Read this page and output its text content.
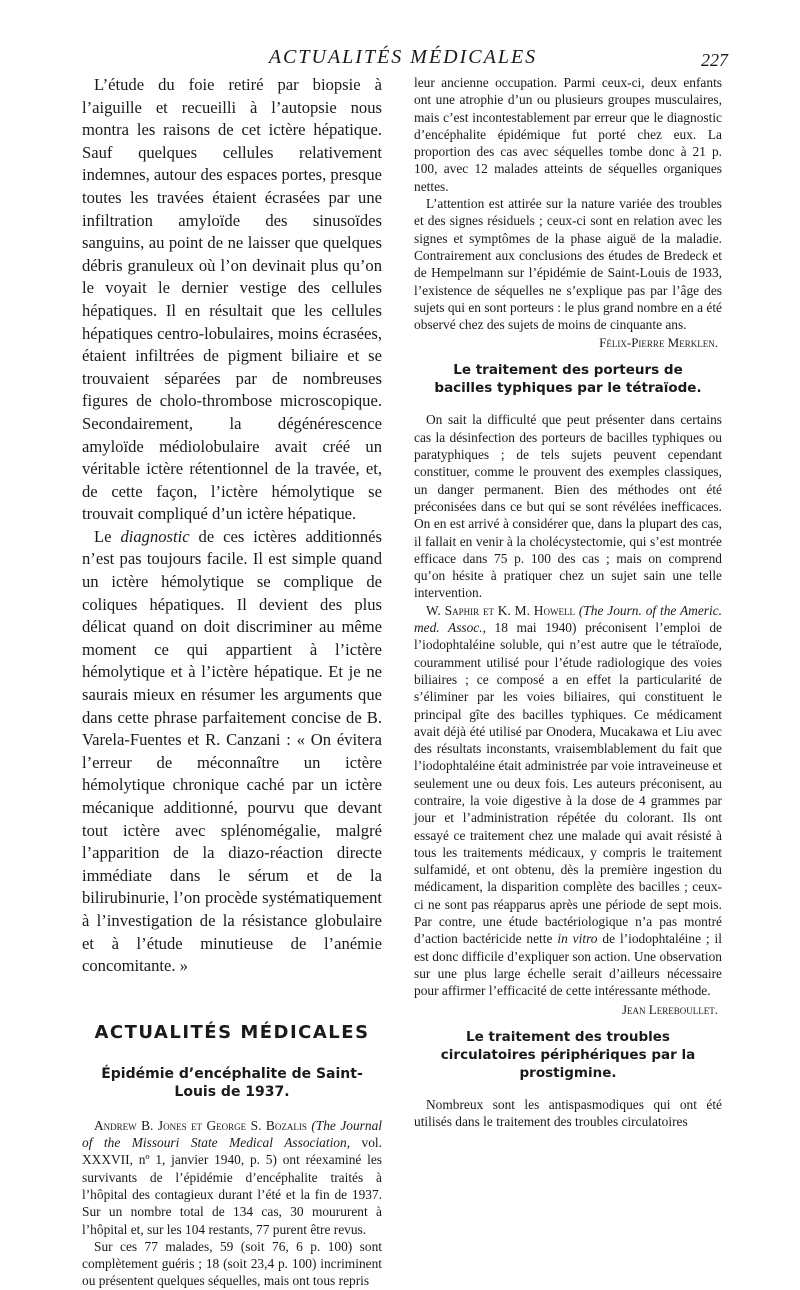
ACTUALITÉS MÉDICALES	227

L’étude du foie retiré par biopsie à l’aiguille et recueilli à l’autopsie nous montra les raisons de cet ictère hépatique. Sauf quelques cellules relativement indemnes, autour des espaces portes, presque toutes les travées étaient écrasées par une infiltration amyloïde des sinusoïdes sanguins, au point de ne laisser que quelques débris granuleux où l’on devinait plus qu’on le voyait le dernier vestige des cellules hépatiques. Il en résultait que les cellules hépatiques centro-lobulaires, moins écrasées, étaient infiltrées de pigment biliaire et se trouvaient séparées par de nombreuses figures de cholo-thrombose microscopique. Secondairement, la dégénérescence amyloïde médiolobulaire avait créé un véritable ictère rétentionnel de la travée, et, de cette façon, l’ictère hémolytique se trouvait compliqué d’un ictère hépatique.

Le diagnostic de ces ictères additionnés n’est pas toujours facile. Il est simple quand un ictère hémolytique se complique de coliques hépatiques. Il devient des plus délicat quand on doit discriminer au même moment ce qui appartient à l’ictère hémolytique et à l’ictère hépatique. Et je ne saurais mieux en résumer les arguments que dans cette phrase parfaitement concise de B. Varela-Fuentes et R. Canzani : « On évitera l’erreur de méconnaître un ictère hémolytique chronique caché par un ictère mécanique additionné, pourvu que devant tout ictère avec splénomégalie, malgré l’apparition de la diazo-réaction directe immédiate dans le sérum et de la bilirubinurie, l’on procède systématiquement à l’investigation de la résistance globulaire et à l’étude minutieuse de l’anémie concomitante. »

ACTUALITÉS MÉDICALES
Épidémie d’encéphalite de Saint-Louis de 1937.

Andrew B. Jones et George S. Bozalis (The Journal of the Missouri State Medical Association, vol. XXXVII, nº 1, janvier 1940, p. 5) ont réexaminé les survivants de l’épidémie d’encéphalite traités à l’hôpital des contagieux durant l’été et la fin de 1937. Sur un nombre total de 134 cas, 30 moururent à l’hôpital et, sur les 104 restants, 77 purent être revus.

Sur ces 77 malades, 59 (soit 76, 6 p. 100) sont complètement guéris ; 18 (soit 23,4 p. 100) incriminent ou présentent quelques séquelles, mais ont tous repris

leur ancienne occupation. Parmi ceux-ci, deux enfants ont une atrophie d’un ou plusieurs groupes musculaires, mais c’est incontestablement par erreur que le diagnostic d’encéphalite épidémique fut porté chez eux. La proportion des cas avec séquelles tombe donc à 21 p. 100, avec 12 malades atteints de séquelles organiques nettes.

L’attention est attirée sur la nature variée des troubles et des signes résiduels ; ceux-ci sont en relation avec les signes et symptômes de la phase aiguë de la maladie. Contrairement aux conclusions des études de Bredeck et de Hempelmann sur l’épidémie de Saint-Louis de 1933, l’existence de séquelles ne s’explique pas par l’âge des sujets qui en sont porteurs : le plus grand nombre en a été observé chez des sujets de moins de cinquante ans.

Félix-Pierre Merklen.
Le traitement des porteurs de bacilles typhiques par le tétraïode.

On sait la difficulté que peut présenter dans certains cas la désinfection des porteurs de bacilles typhiques ou paratyphiques ; de tels sujets peuvent cependant constituer, comme le prouvent des exemples classiques, un danger permanent. Bien des méthodes ont été préconisées dans ce but qui se sont révélées inefficaces. On en est arrivé à considérer que, dans la plupart des cas, il fallait en venir à la cholécystectomie, qui s’est montrée efficace dans 75 p. 100 des cas ; mais on comprend qu’on hésite à pratiquer chez un sujet sain une telle intervention.

W. Saphir et K. M. Howell (The Journ. of the Americ. med. Assoc., 18 mai 1940) préconisent l’emploi de l’iodophtaléine soluble, qui n’est autre que le tétraïode, couramment utilisé pour l’étude radiologique des voies biliaires ; ce composé a en effet la particularité de s’éliminer par les voies biliaires, qui constituent le principal gîte des bacilles typhiques. Ce médicament avait déjà été utilisé par Onodera, Mucakawa et Liu avec des résultats inconstants, vraisemblablement du fait que l’iodophtaléine était administrée par voie intraveineuse et seulement une ou deux fois. Les auteurs préconisent, au contraire, la voie digestive à la dose de 4 grammes par jour et l’administration répétée du colorant. Ils ont essayé ce traitement chez une malade qui avait résisté à tous les traitements médicaux, y compris le traitement sulfamidé, et ont obtenu, dès la première ingestion du médicament, la disparition complète des bacilles ; ceux-ci ne sont pas réapparus après une période de sept mois. Par contre, une étude bactériologique n’a pas montré d’action bactéricide nette in vitro de l’iodophtaléine ; il est donc difficile d’expliquer son action. Une observation sur une plus large échelle serait d’ailleurs nécessaire pour affirmer l’efficacité de cette intéressante méthode.

Jean Lereboullet.
Le traitement des troubles circulatoires périphériques par la prostigmine.

Nombreux sont les antispasmodiques qui ont été utilisés dans le traitement des troubles circulatoires
